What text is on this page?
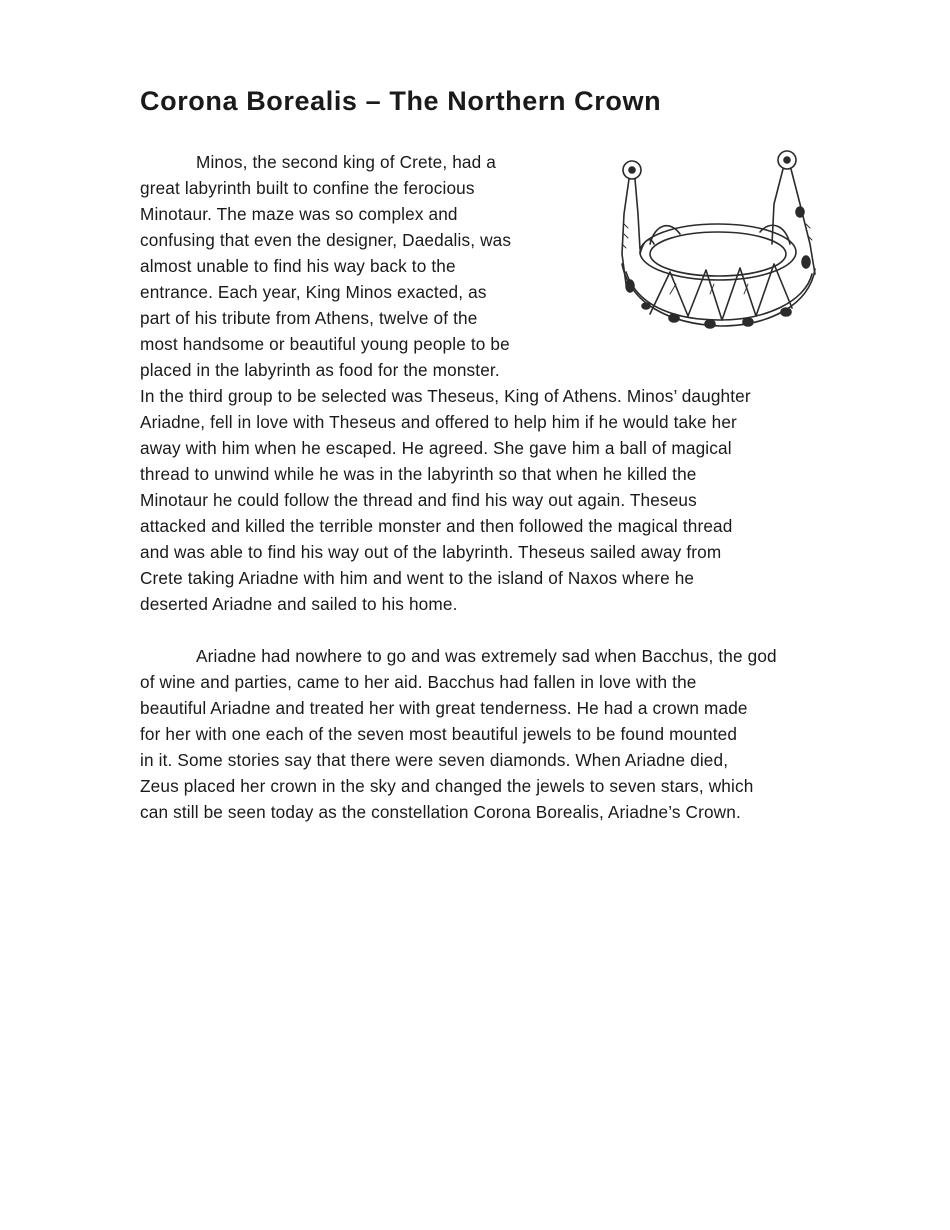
Corona Borealis – The Northern Crown
Minos, the second king of Crete, had a
great labyrinth built to confine the ferocious
Minotaur. The maze was so complex and
confusing that even the designer, Daedalis, was
almost unable to find his way back to the
entrance. Each year, King Minos exacted, as
part of his tribute from Athens, twelve of the
most handsome or beautiful young people to be
placed in the labyrinth as food for the monster.
In the third group to be selected was Theseus, King of Athens. Minos’ daughter
Ariadne, fell in love with Theseus and offered to help him if he would take her
away with him when he escaped. He agreed. She gave him a ball of magical
thread to unwind while he was in the labyrinth so that when he killed the
Minotaur he could follow the thread and find his way out again. Theseus
attacked and killed the terrible monster and then followed the magical thread
and was able to find his way out of the labyrinth. Theseus sailed away from
Crete taking Ariadne with him and went to the island of Naxos where he
deserted Ariadne and sailed to his home.
Ariadne had nowhere to go and was extremely sad when Bacchus, the god
of wine and parties, came to her aid. Bacchus had fallen in love with the
beautiful Ariadne and treated her with great tenderness. He had a crown made
for her with one each of the seven most beautiful jewels to be found mounted
in it. Some stories say that there were seven diamonds. When Ariadne died,
Zeus placed her crown in the sky and changed the jewels to seven stars, which
can still be seen today as the constellation Corona Borealis, Ariadne’s Crown.
